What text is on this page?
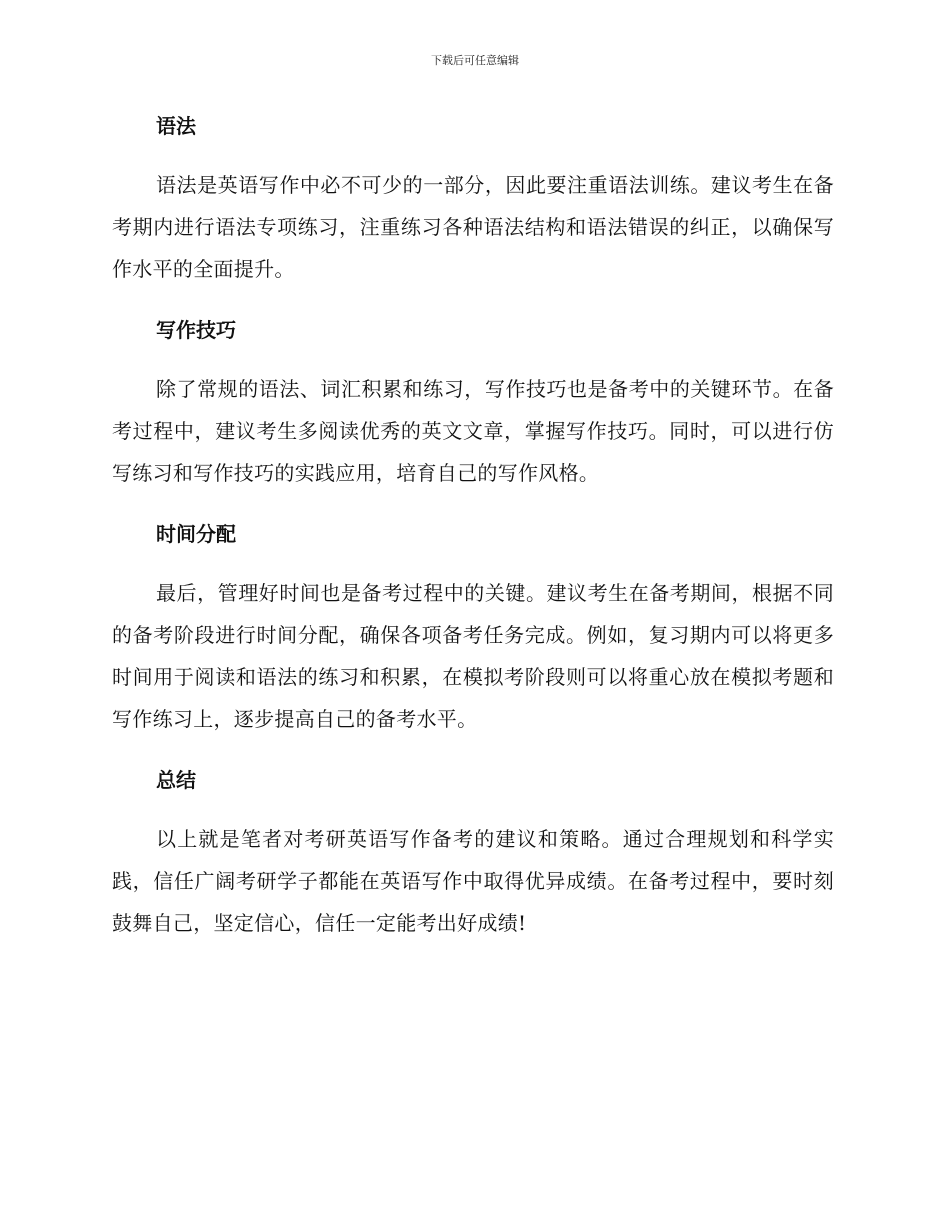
下载后可任意编辑
语法

语法是英语写作中必不可少的一部分，因此要注重语法训练。建议考生在备考期内进行语法专项练习，注重练习各种语法结构和语法错误的纠正，以确保写作水平的全面提升。

写作技巧

除了常规的语法、词汇积累和练习，写作技巧也是备考中的关键环节。在备考过程中，建议考生多阅读优秀的英文文章，掌握写作技巧。同时，可以进行仿写练习和写作技巧的实践应用，培育自己的写作风格。

时间分配

最后，管理好时间也是备考过程中的关键。建议考生在备考期间，根据不同的备考阶段进行时间分配，确保各项备考任务完成。例如，复习期内可以将更多时间用于阅读和语法的练习和积累，在模拟考阶段则可以将重心放在模拟考题和写作练习上，逐步提高自己的备考水平。

总结

以上就是笔者对考研英语写作备考的建议和策略。通过合理规划和科学实践，信任广阔考研学子都能在英语写作中取得优异成绩。在备考过程中，要时刻鼓舞自己，坚定信心，信任一定能考出好成绩!
